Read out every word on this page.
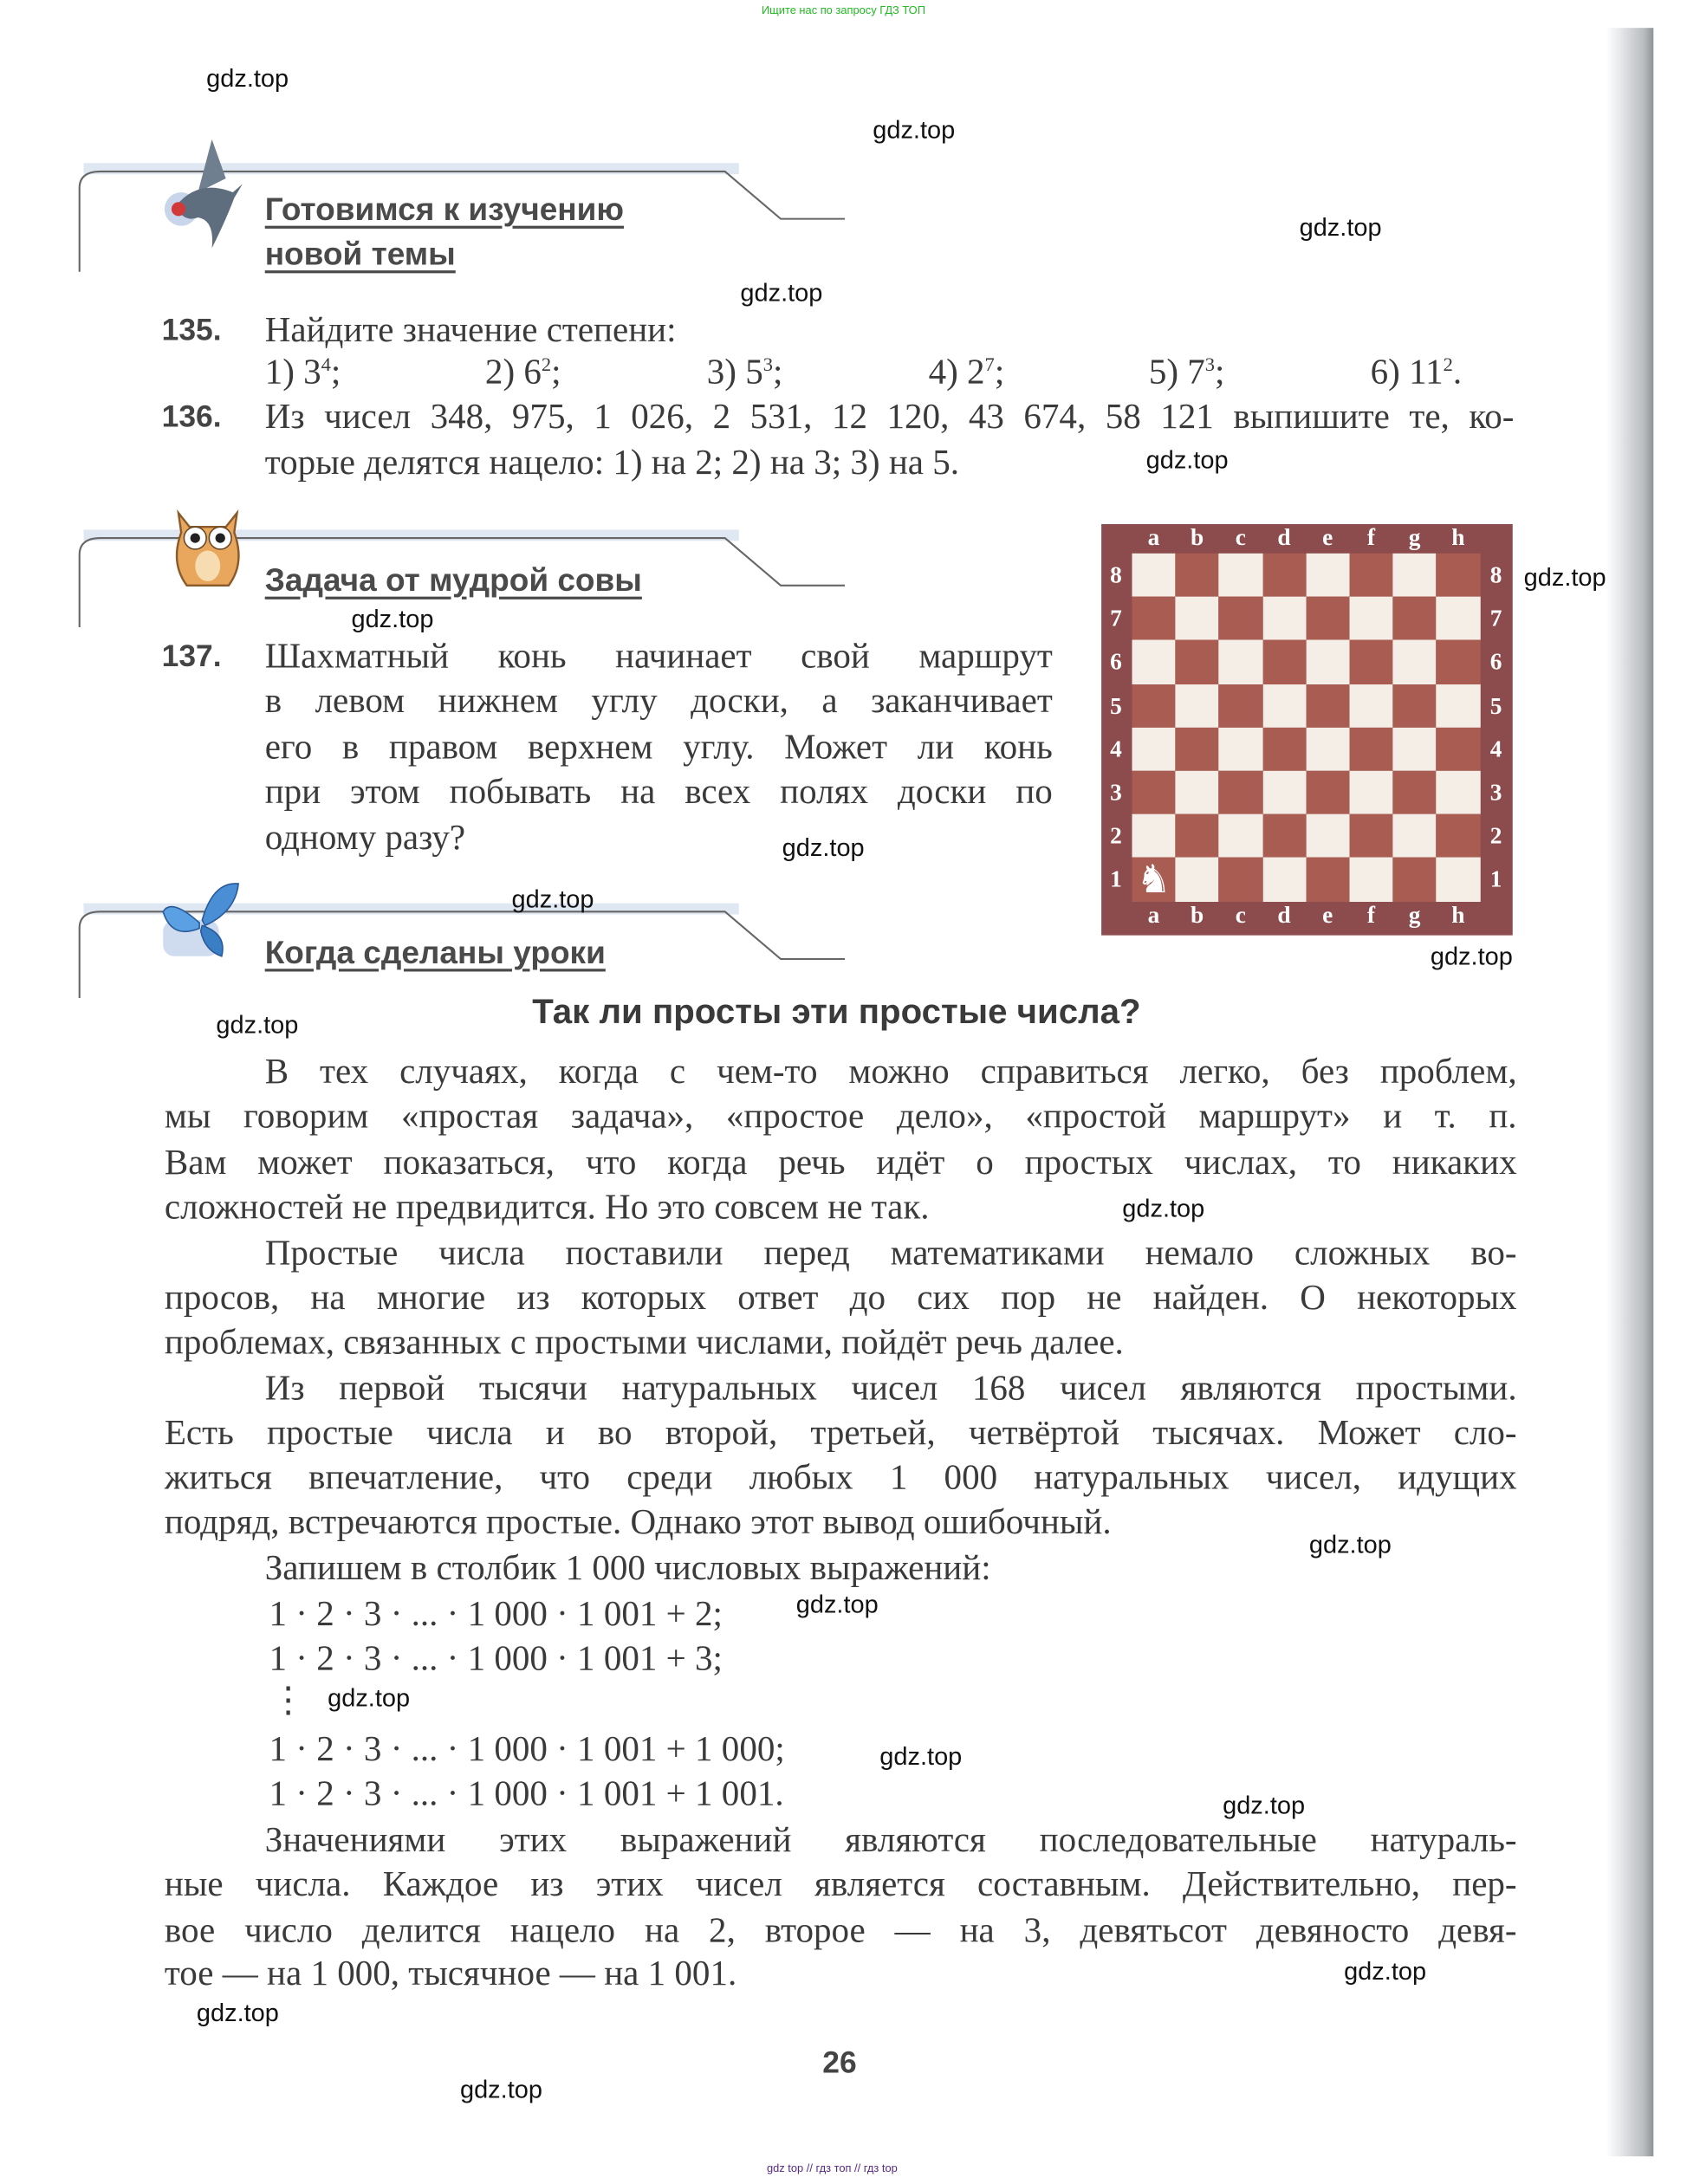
Ищите нас по запросу ГДЗ ТОП
Готовимся к изучению
новой темы
135. Найдите значение степени:
1) $3^4$;	2) $6^2$;	3) $5^3$;	4) $2^7$;	5) $7^3$;	6) $11^2$.
136. Из чисел 348, 975, 1 026, 2 531, 12 120, 43 674, 58 121 выпишите те, ко-
торые делятся нацело: 1) на 2; 2) на 3; 3) на 5.
Задача от мудрой совы
137. Шахматный конь начинает свой маршрут
в левом нижнем углу доски, а заканчивает
его в правом верхнем углу. Может ли конь
при этом побывать на всех полях доски по
одному разу?
♞
a
a
b
b
c
c
d
d
e
e
f
f
g
g
h
h
8	8
7	7
6	6
5	5
4	4
3	3
2	2
1	1
Когда сделаны уроки
Так ли просты эти простые числа?
В тех случаях, когда с чем-то можно справиться легко, без проблем,
мы говорим «простая задача», «простое дело», «простой маршрут» и т. п.
Вам может показаться, что когда речь идёт о простых числах, то никаких
сложностей не предвидится. Но это совсем не так.
Простые числа поставили перед математиками немало сложных во-
просов, на многие из которых ответ до сих пор не найден. О некоторых
проблемах, связанных с простыми числами, пойдёт речь далее.
Из первой тысячи натуральных чисел 168 чисел являются простыми.
Есть простые числа и во второй, третьей, четвёртой тысячах. Может сло-
житься впечатление, что среди любых 1 000 натуральных чисел, идущих
подряд, встречаются простые. Однако этот вывод ошибочный.
Запишем в столбик 1 000 числовых выражений:
1 · 2 · 3 · ... · 1 000 · 1 001 + 2;
1 · 2 · 3 · ... · 1 000 · 1 001 + 3;
⋮
1 · 2 · 3 · ... · 1 000 · 1 001 + 1 000;
1 · 2 · 3 · ... · 1 000 · 1 001 + 1 001.
Значениями этих выражений являются последовательные натураль-
ные числа. Каждое из этих чисел является составным. Действительно, пер-
вое число делится нацело на 2, второе — на 3, девятьсот девяносто девя-
тое — на 1 000, тысячное — на 1 001.
26
gdz.top
gdz.top
gdz.top
gdz.top
gdz.top
gdz.top
gdz.top
gdz.top
gdz.top
gdz.top
gdz.top
gdz.top
gdz.top
gdz.top
gdz.top
gdz.top
gdz.top
gdz.top
gdz.top
gdz.top
gdz top // гдз топ // гдз top
